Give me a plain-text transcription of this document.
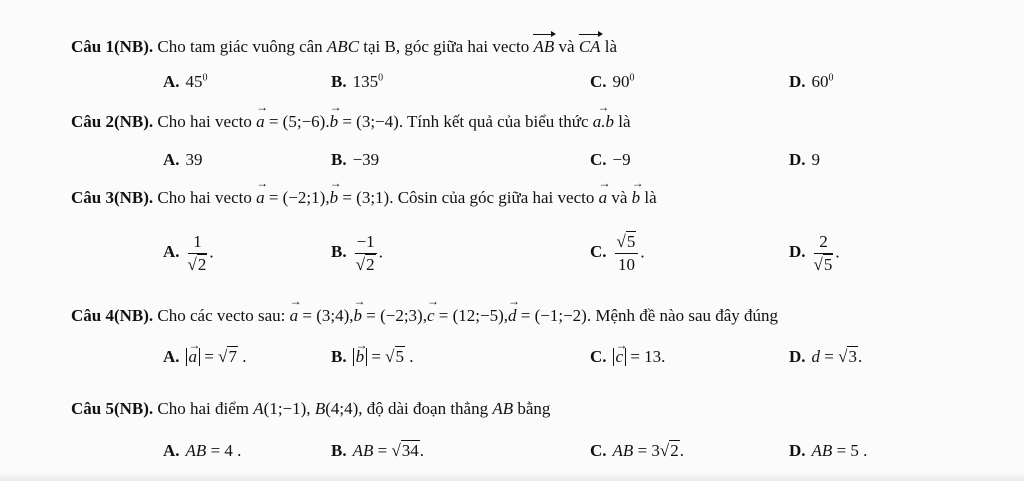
Câu 1(NB). Cho tam giác vuông cân ABC tại B, góc giữa hai vecto AB và CA là
A. $45^0$	B. $135^0$	C. $90^0$	D. $60^0$
Câu 2(NB). Cho hai vecto → a = (5;−6).→ b = (3;−4). Tính kết quả của biểu thức → a.b là
A. 39	B. −39	C. −9	D. 9
Câu 3(NB). Cho hai vecto → a = (−2;1),→ b = (3;1). Côsin của góc giữa hai vecto → a và → b là
A. $\frac{1}{√2}$ .	B. $\frac{-1}{√2}$ .	C. $\frac{√5}{10}$ .	D. $\frac{2}{√5}$ .
Câu 4(NB). Cho các vecto sau: → a = (3;4),→ b = (−2;3),→ c = (12;−5),→ d = (−1;−2). Mệnh đề nào sau đây đúng
A. → a = √7 .	B. → b = √5 .	C. → c = 13.	D. d = √3.
Câu 5(NB). Cho hai điểm A(1;−1), B(4;4), độ dài đoạn thẳng AB bằng
A. AB = 4 .	B. AB = √34.	C. AB = 3√2.	D. AB = 5 .
